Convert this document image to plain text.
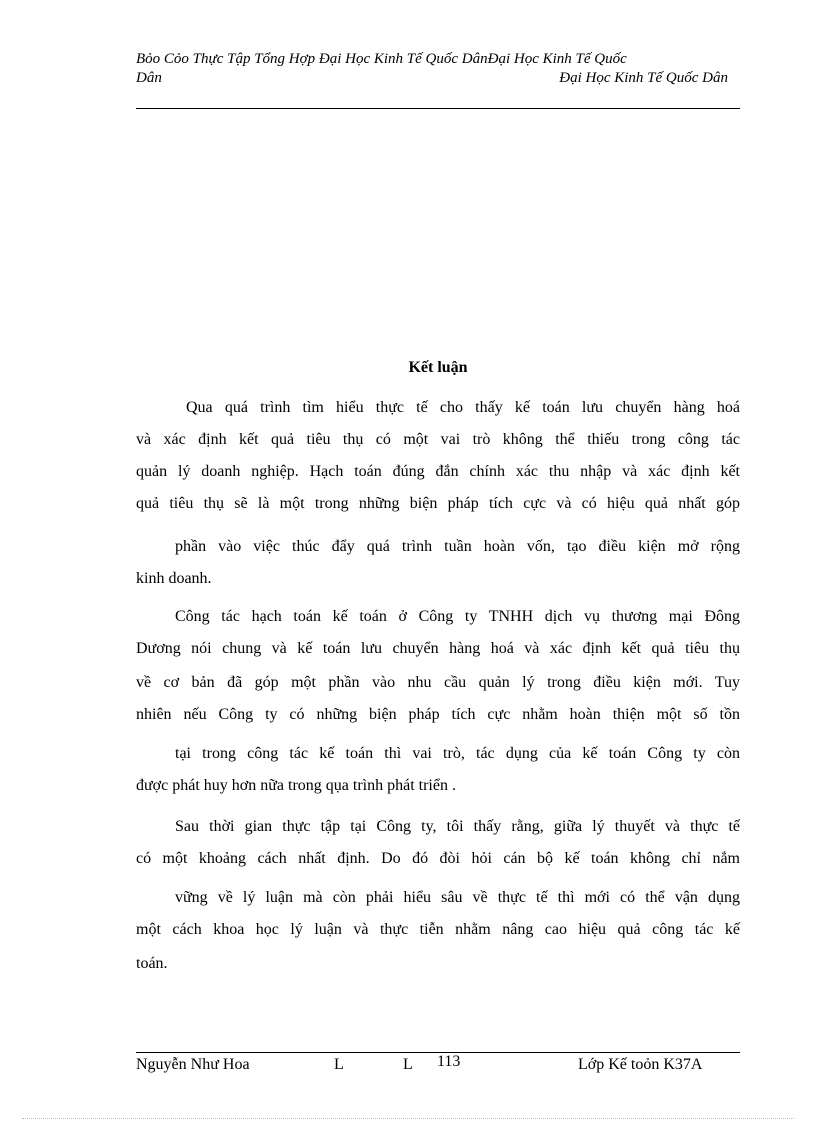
Bỏo Cỏo Thực Tập Tổng Hợp Đại Học Kinh Tế Quốc DânĐại Học Kinh Tế Quốc
Dân	Đại Học Kinh Tế Quốc Dân
Kết luận
Qua quá trình tìm hiểu thực tế cho thấy kế toán lưu chuyển hàng hoá
và xác định kết quả tiêu thụ có một vai trò không thể thiếu trong công tác
quản lý doanh nghiệp. Hạch toán đúng đắn chính xác thu nhập và xác định kết
quả tiêu thụ sẽ là một trong những biện pháp tích cực và có hiệu quả nhất góp
phần vào việc thúc đẩy quá trình tuần hoàn vốn, tạo điều kiện mở rộng
kinh doanh.
Công tác hạch toán kế toán ở Công ty TNHH dịch vụ thương mại Đông
Dương nói chung và kế toán lưu chuyển hàng hoá và xác định kết quả tiêu thụ
về cơ bản đã góp một phần vào nhu cầu quản lý trong điều kiện mới. Tuy
nhiên nếu Công ty có những biện pháp tích cực nhằm hoàn thiện một số tồn
tại trong công tác kế toán thì vai trò, tác dụng của kế toán Công ty còn
được phát huy hơn nữa trong qụa trình phát triển .
Sau thời gian thực tập tại Công ty, tôi thấy rằng, giữa lý thuyết và thực tế
có một khoảng cách nhất định. Do đó đòi hỏi cán bộ kế toán không chỉ nắm
vững về lý luận mà còn phải hiểu sâu về thực tế thì mới có thể vận dụng
một cách khoa học lý luận và thực tiễn nhằm nâng cao hiệu quả công tác kế
toán.
Nguyễn Như Hoa	L	L 113	Lớp Kế toỏn K37A
